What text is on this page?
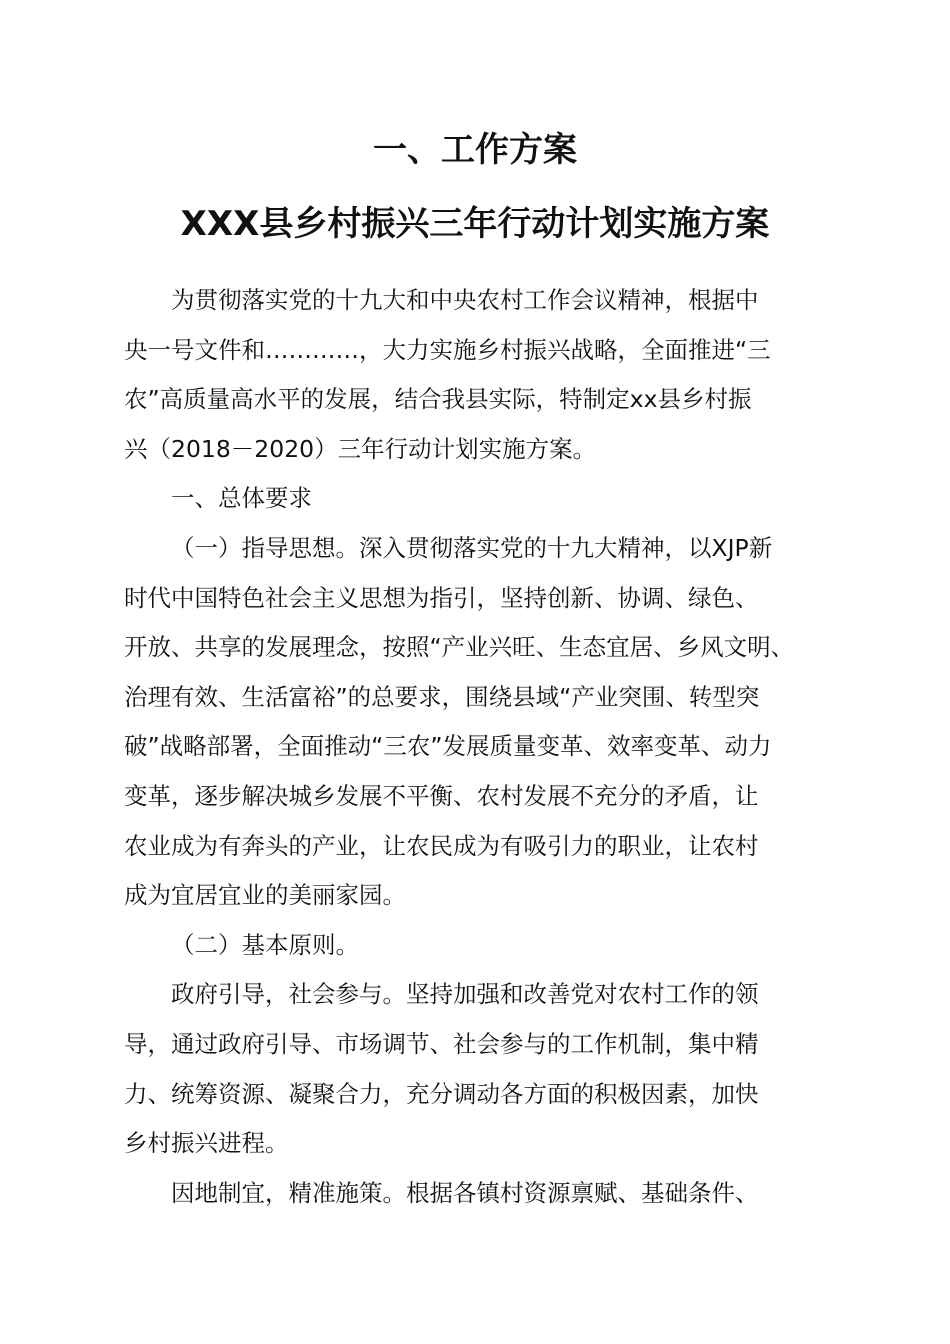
一、工作方案
XXX县乡村振兴三年行动计划实施方案

为贯彻落实党的十九大和中央农村工作会议精神，根据中
央一号文件和…………，大力实施乡村振兴战略，全面推进“三
农”高质量高水平的发展，结合我县实际，特制定xx县乡村振
兴（2018－2020）三年行动计划实施方案。

一、总体要求

（一）指导思想。深入贯彻落实党的十九大精神，以XJP新
时代中国特色社会主义思想为指引，坚持创新、协调、绿色、
开放、共享的发展理念，按照“产业兴旺、生态宜居、乡风文明、
治理有效、生活富裕”的总要求，围绕县域“产业突围、转型突
破”战略部署，全面推动“三农”发展质量变革、效率变革、动力
变革，逐步解决城乡发展不平衡、农村发展不充分的矛盾，让
农业成为有奔头的产业，让农民成为有吸引力的职业，让农村
成为宜居宜业的美丽家园。

（二）基本原则。

政府引导，社会参与。坚持加强和改善党对农村工作的领
导，通过政府引导、市场调节、社会参与的工作机制，集中精
力、统筹资源、凝聚合力，充分调动各方面的积极因素，加快
乡村振兴进程。

因地制宜，精准施策。根据各镇村资源禀赋、基础条件、
